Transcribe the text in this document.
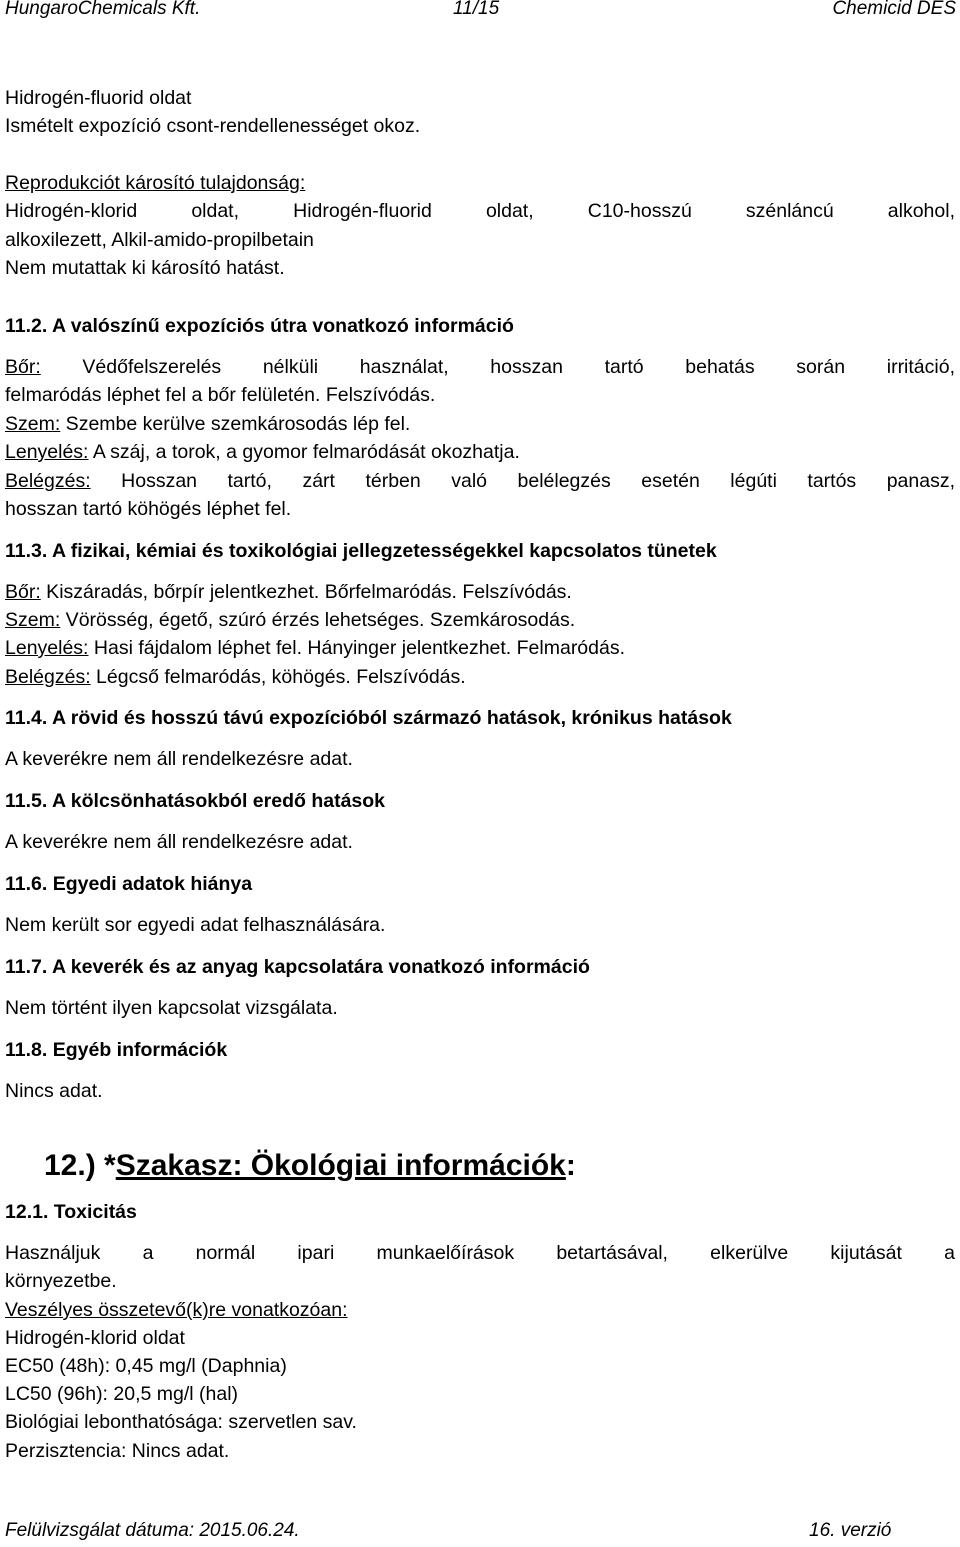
HungaroChemicals Kft.	11/15	Chemicid DES
Hidrogén-fluorid oldat
Ismételt expozíció csont-rendellenességet okoz.
Reprodukciót károsító tulajdonság:
Hidrogén-klorid oldat, Hidrogén-fluorid oldat, C10-hosszú szénláncú alkohol,
alkoxilezett, Alkil-amido-propilbetain
Nem mutattak ki károsító hatást.
11.2. A valószínű expozíciós útra vonatkozó információ
Bőr: Védőfelszerelés nélküli használat, hosszan tartó behatás során irritáció,
felmaródás léphet fel a bőr felületén. Felszívódás.
Szem: Szembe kerülve szemkárosodás lép fel.
Lenyelés: A száj, a torok, a gyomor felmaródását okozhatja.
Belégzés: Hosszan tartó, zárt térben való belélegzés esetén légúti tartós panasz,
hosszan tartó köhögés léphet fel.
11.3. A fizikai, kémiai és toxikológiai jellegzetességekkel kapcsolatos tünetek
Bőr: Kiszáradás, bőrpír jelentkezhet. Bőrfelmaródás. Felszívódás.
Szem: Vörösség, égető, szúró érzés lehetséges. Szemkárosodás.
Lenyelés: Hasi fájdalom léphet fel. Hányinger jelentkezhet. Felmaródás.
Belégzés: Légcső felmaródás, köhögés. Felszívódás.
11.4. A rövid és hosszú távú expozícióból származó hatások, krónikus hatások
A keverékre nem áll rendelkezésre adat.
11.5. A kölcsönhatásokból eredő hatások
A keverékre nem áll rendelkezésre adat.
11.6. Egyedi adatok hiánya
Nem került sor egyedi adat felhasználására.
11.7. A keverék és az anyag kapcsolatára vonatkozó információ
Nem történt ilyen kapcsolat vizsgálata.
11.8. Egyéb információk
Nincs adat.
12.) *Szakasz: Ökológiai információk:
12.1. Toxicitás
Használjuk a normál ipari munkaelőírások betartásával, elkerülve kijutását a
környezetbe.
Veszélyes összetevő(k)re vonatkozóan:
Hidrogén-klorid oldat
EC50 (48h): 0,45 mg/l (Daphnia)
LC50 (96h): 20,5 mg/l (hal)
Biológiai lebonthatósága: szervetlen sav.
Perzisztencia: Nincs adat.
Felülvizsgálat dátuma: 2015.06.24.	16. verzió
